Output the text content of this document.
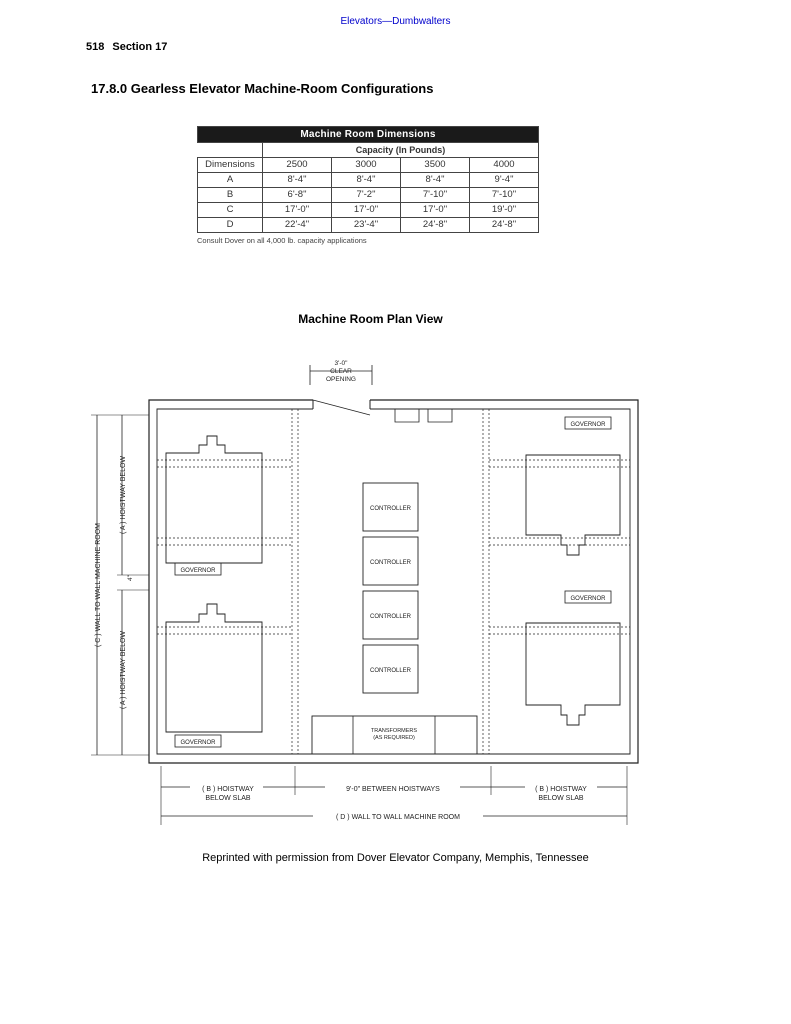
Elevators—Dumbwalters
518 Section 17
17.8.0 Gearless Elevator Machine-Room Configurations
Machine Room Dimensions				
	Capacity (In Pounds)			
Dimensions	2500	3000	3500	4000
A	8'-4"	8'-4"	8'-4"	9'-4"
B	6'-8"	7'-2"	7'-10"	7'-10"
C	17'-0"	17'-0"	17'-0"	19'-0"
D	22'-4"	23'-4"	24'-8"	24'-8"
Consult Dover on all 4,000 lb. capacity applications
Machine Room Plan View
3'-0"
CLEAR
OPENING
GOVERNOR
GOVERNOR
GOVERNOR
GOVERNOR
CONTROLLER
CONTROLLER
CONTROLLER
CONTROLLER
TRANSFORMERS
(AS REQUIRED)
( C ) WALL TO WALL MACHINE ROOM
( A ) HOISTWAY BELOW
( A ) HOISTWAY BELOW
4"
( B ) HOISTWAY
BELOW SLAB
9'-0" BETWEEN HOISTWAYS	( B ) HOISTWAY
BELOW SLAB
( D ) WALL TO WALL MACHINE ROOM
Reprinted with permission from Dover Elevator Company, Memphis, Tennessee
